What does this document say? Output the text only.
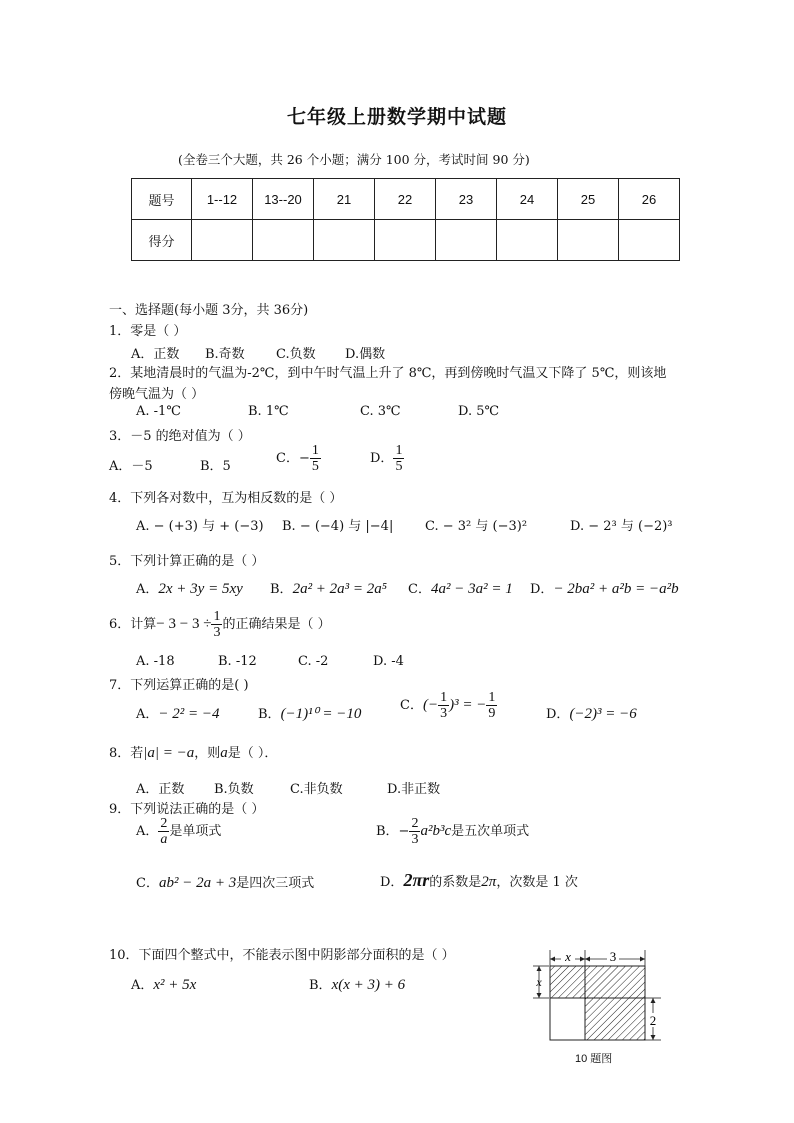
七年级上册数学期中试题
(全卷三个大题，共 26 个小题；满分 100 分，考试时间 90 分)
题号	1--12	13--20	21	22	23	24	25	26
得分								
一、选择题(每小题 3分，共 36分)
1．零是（ ）
A．正数 B.奇数 C.负数 D.偶数
2．某地清晨时的气温为-2℃，到中午时气温上升了 8℃，再到傍晚时气温又下降了 5℃，则该地
傍晚气温为（ ）
A. -1℃	B. 1℃	C. 3℃	D. 5℃
3．－5 的绝对值为（ ）
A．－5	B．5
C．− $\frac{1}{5}$	D． $\frac{1}{5}$
4．下列各对数中，互为相反数的是（ ）
A. − (+3) 与 + (−3) B. − (−4) 与 |−4| C. − 3² 与 (−3)²	D. − 2³ 与 (−2)³
5．下列计算正确的是（ ）
A．2x + 3y = 5xy B．2a² + 2a³ = 2a⁵ C．4a² − 3a² = 1 D．− 2ba² + a²b = −a²b
6．计算− $3 - 3 \div \frac{1}{3}$ 的正确结果是（ ）
A. -18	B. -12	C. -2	D. -4
7．下列运算正确的是( )
A．− 2² = −4	B．(−1)¹⁰ = −10
C．(− $\frac{1}{3} )^3$ = − $\frac{1}{9}$	D．(−2)³ = −6
8．若|a| = −a，则a是（ ）．
A．正数 B.负数	C.非负数	D.非正数
9．下列说法正确的是（ ）
A． $\frac{2}{a}$ 是单项式	B．− $\frac{2}{3} a^2b^3c$是五次单项式
C．ab² − 2a + 3是四次三项式	D．2πr的系数是2π，次数是 1 次
10．下面四个整式中，不能表示图中阴影部分面积的是（ ）
A．x² + 5x	B．x(x + 3) + 6
x	3
x
2
10 题图
